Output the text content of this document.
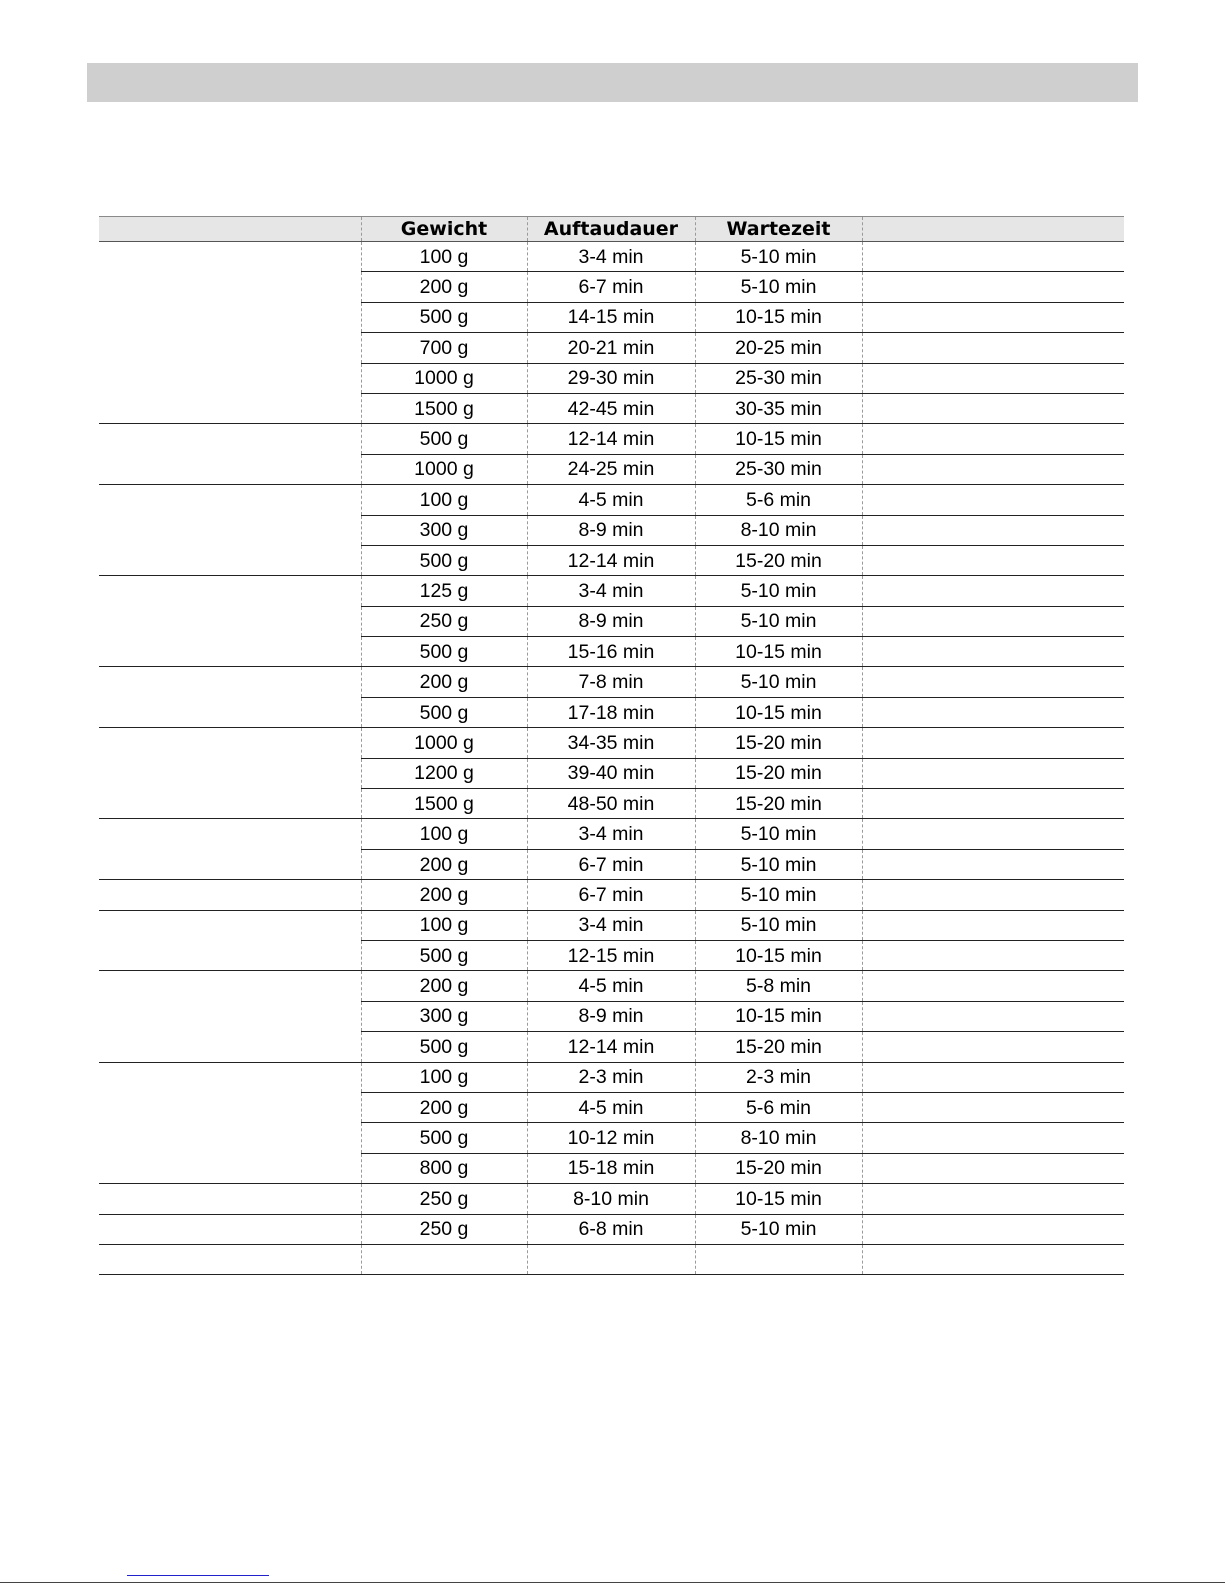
	Gewicht	Auftaudauer	Wartezeit	
	100 g	3-4 min	5-10 min	
	200 g	6-7 min	5-10 min	
	500 g	14-15 min	10-15 min	
	700 g	20-21 min	20-25 min	
	1000 g	29-30 min	25-30 min	
	1500 g	42-45 min	30-35 min	
	500 g	12-14 min	10-15 min	
	1000 g	24-25 min	25-30 min	
	100 g	4-5 min	5-6 min	
	300 g	8-9 min	8-10 min	
	500 g	12-14 min	15-20 min	
	125 g	3-4 min	5-10 min	
	250 g	8-9 min	5-10 min	
	500 g	15-16 min	10-15 min	
	200 g	7-8 min	5-10 min	
	500 g	17-18 min	10-15 min	
	1000 g	34-35 min	15-20 min	
	1200 g	39-40 min	15-20 min	
	1500 g	48-50 min	15-20 min	
	100 g	3-4 min	5-10 min	
	200 g	6-7 min	5-10 min	
	200 g	6-7 min	5-10 min	
	100 g	3-4 min	5-10 min	
	500 g	12-15 min	10-15 min	
	200 g	4-5 min	5-8 min	
	300 g	8-9 min	10-15 min	
	500 g	12-14 min	15-20 min	
	100 g	2-3 min	2-3 min	
	200 g	4-5 min	5-6 min	
	500 g	10-12 min	8-10 min	
	800 g	15-18 min	15-20 min	
	250 g	8-10 min	10-15 min	
	250 g	6-8 min	5-10 min	
